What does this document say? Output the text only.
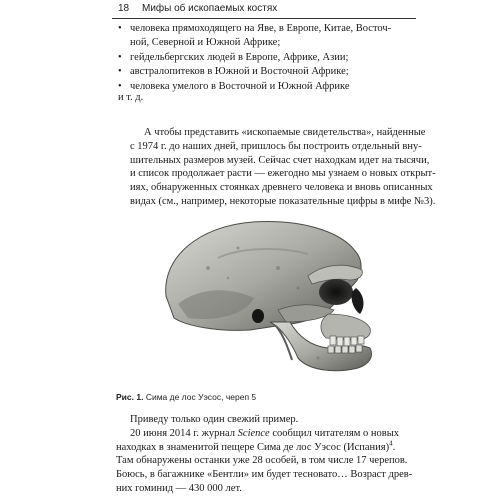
18 Мифы об ископаемых костях
• человека прямоходящего на Яве, в Европе, Китае, Восточ-
ной, Северной и Южной Африке;
• гейдельбергских людей в Европе, Африке, Азии;
• австралопитеков в Южной и Восточной Африке;
• человека умелого в Восточной и Южной Африке
и т. д.

А чтобы представить «ископаемые свидетельства», найденные
с 1974 г. до наших дней, пришлось бы построить отдельный вну-
шительных размеров музей. Сейчас счет находкам идет на тысячи,
и список продолжает расти — ежегодно мы узнаем о новых открыт-
иях, обнаруженных стоянках древнего человека и вновь описанных
видах (см., например, некоторые показательные цифры в мифе №3).

Рис. 1. Сима де лос Уэсос, череп 5

Приведу только один свежий пример.
20 июня 2014 г. журнал Science сообщил читателям о новых
находках в знаменитой пещере Сима де лос Уэсос (Испания)$^4$.
Там обнаружены останки уже 28 особей, в том числе 17 черепов.
Боюсь, в багажнике «Бентли» им будет тесновато… Возраст древ-
них гоминид — 430 000 лет.
